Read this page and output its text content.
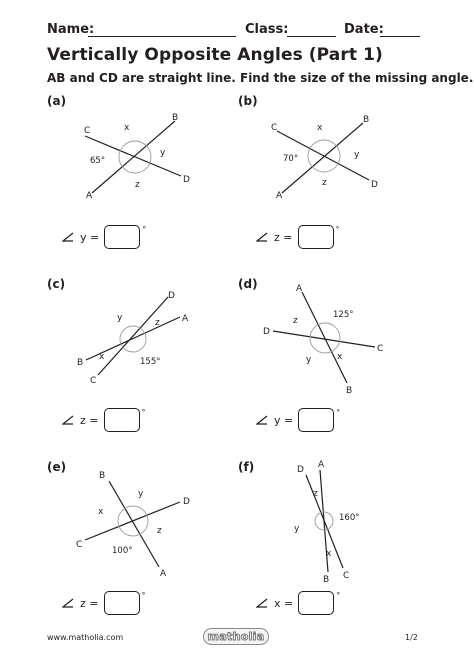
Name:	Class:	Date:
Vertically Opposite Angles (Part 1)
AB and CD are straight line. Find the size of the missing angle.
(a)
C
B
D
A
x
y
z
65°
y =
°
(b)
C
B
D
A
x
y
z
70°
z =
°
(c)
D
A
B
C
y	z
x	155°
z =
°
(d)	A
D
C
B
z
y	x
125°
y =
°
(e)
B
D
C
A
y
x
z
100°
z =
°
(f)	D A
B C
z
y
x
160°
x =
°
www.matholia.com	matholia	1/2
